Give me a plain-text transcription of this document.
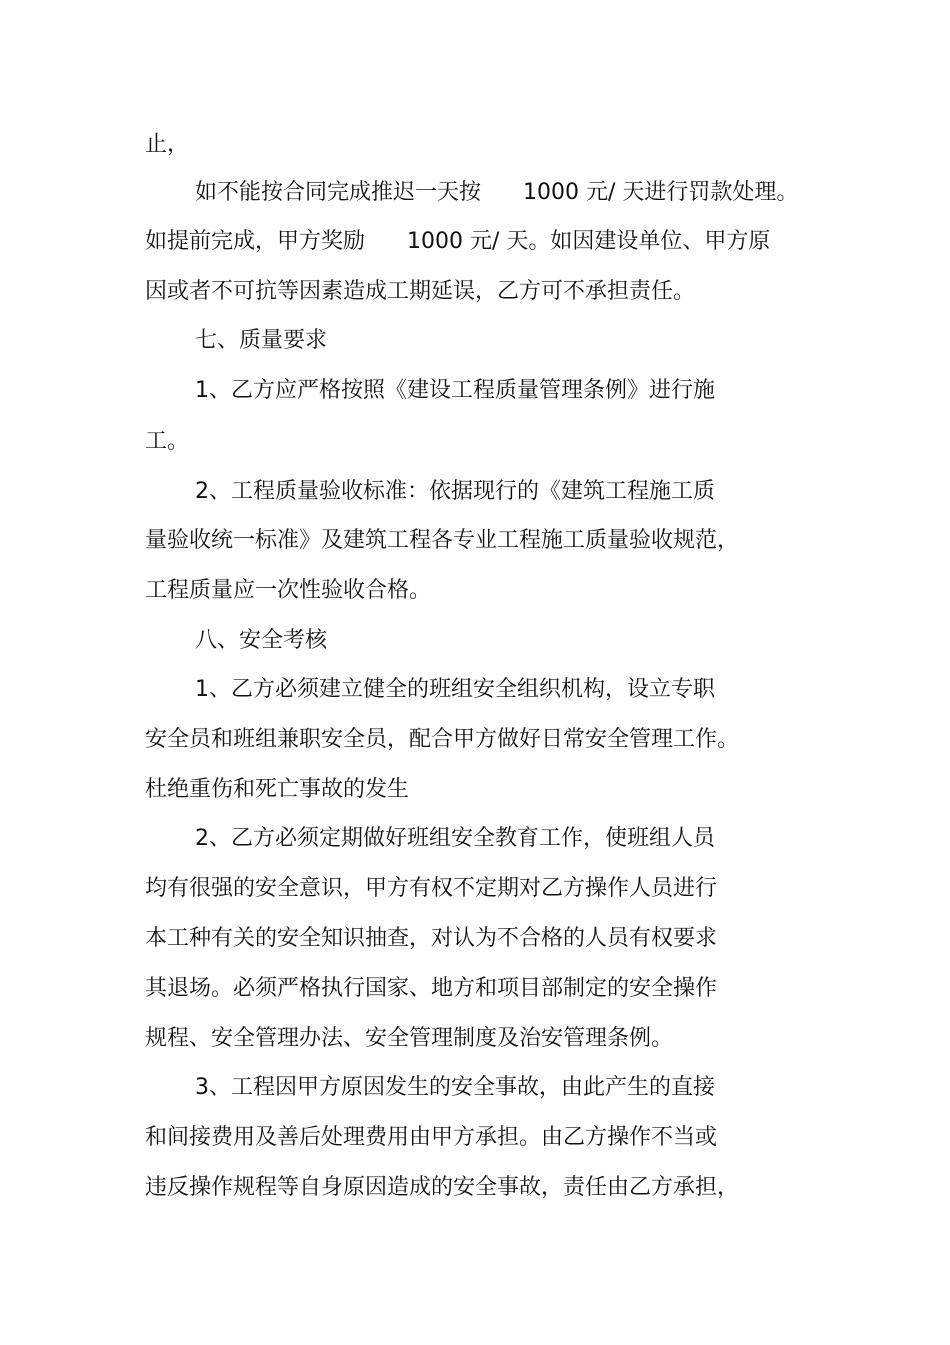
止，
如不能按合同完成推迟一天按      1000 元/ 天进行罚款处理。
如提前完成，甲方奖励      1000 元/ 天。如因建设单位、甲方原
因或者不可抗等因素造成工期延误，乙方可不承担责任。
七、质量要求
1、乙方应严格按照《建设工程质量管理条例》进行施
工。
2、工程质量验收标准：依据现行的《建筑工程施工质
量验收统一标准》及建筑工程各专业工程施工质量验收规范，
工程质量应一次性验收合格。
八、安全考核
1、乙方必须建立健全的班组安全组织机构，设立专职
安全员和班组兼职安全员，配合甲方做好日常安全管理工作。
杜绝重伤和死亡事故的发生
2、乙方必须定期做好班组安全教育工作，使班组人员
均有很强的安全意识，甲方有权不定期对乙方操作人员进行
本工种有关的安全知识抽查，对认为不合格的人员有权要求
其退场。必须严格执行国家、地方和项目部制定的安全操作
规程、安全管理办法、安全管理制度及治安管理条例。
3、工程因甲方原因发生的安全事故，由此产生的直接
和间接费用及善后处理费用由甲方承担。由乙方操作不当或
违反操作规程等自身原因造成的安全事故，责任由乙方承担，
